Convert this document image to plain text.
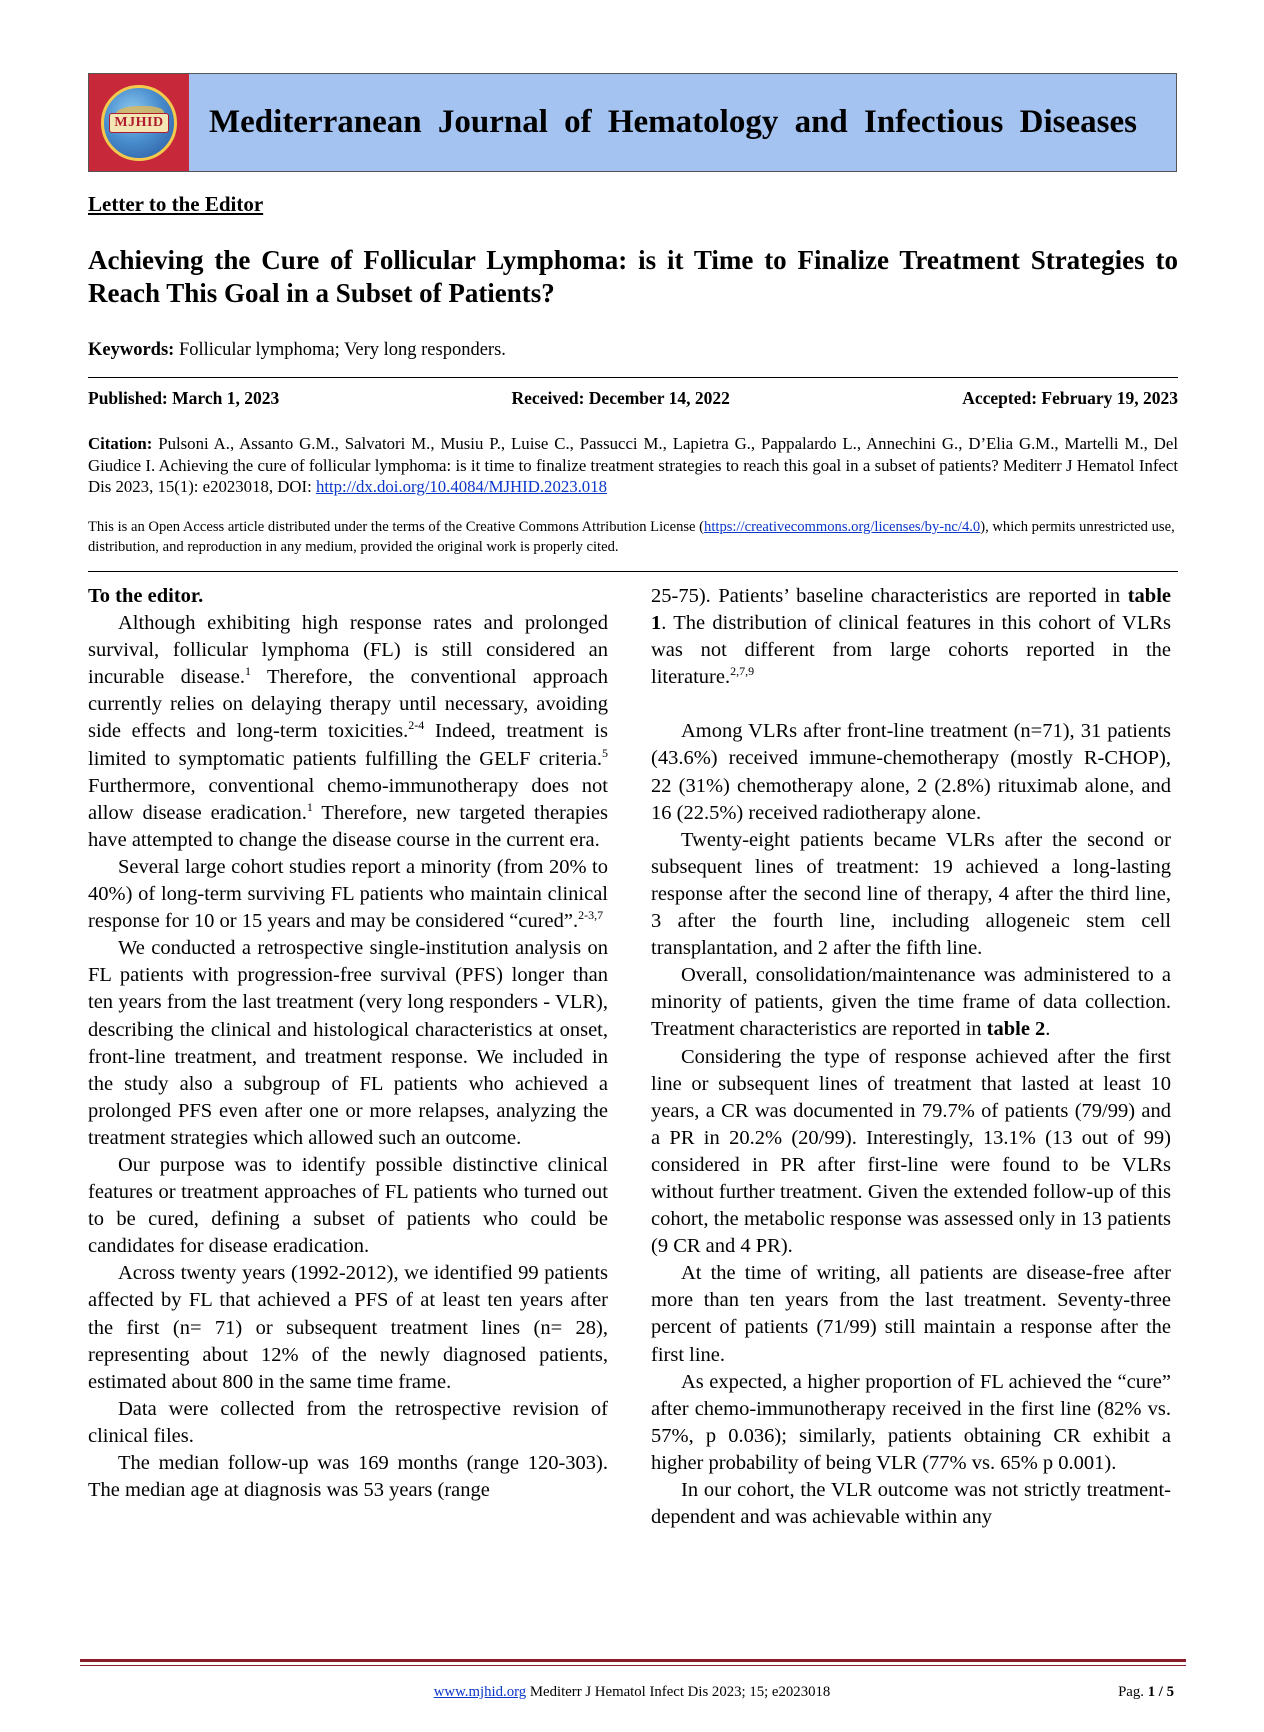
MJHID	Mediterranean Journal of Hematology and Infectious Diseases
Letter to the Editor
Achieving the Cure of Follicular Lymphoma: is it Time to Finalize Treatment Strategies to Reach This Goal in a Subset of Patients?
Keywords: Follicular lymphoma; Very long responders.
Published: March 1, 2023	Received: December 14, 2022	Accepted: February 19, 2023
Citation: Pulsoni A., Assanto G.M., Salvatori M., Musiu P., Luise C., Passucci M., Lapietra G., Pappalardo L., Annechini G., D’Elia G.M., Martelli M., Del Giudice I. Achieving the cure of follicular lymphoma: is it time to finalize treatment strategies to reach this goal in a subset of patients? Mediterr J Hematol Infect Dis 2023, 15(1): e2023018, DOI: http://dx.doi.org/10.4084/MJHID.2023.018
This is an Open Access article distributed under the terms of the Creative Commons Attribution License (https://creativecommons.org/licenses/by-nc/4.0), which permits unrestricted use, distribution, and reproduction in any medium, provided the original work is properly cited.

To the editor.

Although exhibiting high response rates and prolonged survival, follicular lymphoma (FL) is still considered an incurable disease.$^1$ Therefore, the conventional approach currently relies on delaying therapy until necessary, avoiding side effects and long-term toxicities.$^{2-4}$ Indeed, treatment is limited to symptomatic patients fulfilling the GELF criteria.$^5$ Furthermore, conventional chemo-immunotherapy does not allow disease eradication.$^1$ Therefore, new targeted therapies have attempted to change the disease course in the current era.

Several large cohort studies report a minority (from 20% to 40%) of long-term surviving FL patients who maintain clinical response for 10 or 15 years and may be considered “cured”.$^{2-3,7}$

We conducted a retrospective single-institution analysis on FL patients with progression-free survival (PFS) longer than ten years from the last treatment (very long responders - VLR), describing the clinical and histological characteristics at onset, front-line treatment, and treatment response. We included in the study also a subgroup of FL patients who achieved a prolonged PFS even after one or more relapses, analyzing the treatment strategies which allowed such an outcome.

Our purpose was to identify possible distinctive clinical features or treatment approaches of FL patients who turned out to be cured, defining a subset of patients who could be candidates for disease eradication.

Across twenty years (1992-2012), we identified 99 patients affected by FL that achieved a PFS of at least ten years after the first (n= 71) or subsequent treatment lines (n= 28), representing about 12% of the newly diagnosed patients, estimated about 800 in the same time frame.

Data were collected from the retrospective revision of clinical files.

The median follow-up was 169 months (range 120-303). The median age at diagnosis was 53 years (range

25-75). Patients’ baseline characteristics are reported in table 1. The distribution of clinical features in this cohort of VLRs was not different from large cohorts reported in the literature.$^{2,7,9}$

Among VLRs after front-line treatment (n=71), 31 patients (43.6%) received immune-chemotherapy (mostly R-CHOP), 22 (31%) chemotherapy alone, 2 (2.8%) rituximab alone, and 16 (22.5%) received radiotherapy alone.

Twenty-eight patients became VLRs after the second or subsequent lines of treatment: 19 achieved a long-lasting response after the second line of therapy, 4 after the third line, 3 after the fourth line, including allogeneic stem cell transplantation, and 2 after the fifth line.

Overall, consolidation/maintenance was administered to a minority of patients, given the time frame of data collection. Treatment characteristics are reported in table 2.

Considering the type of response achieved after the first line or subsequent lines of treatment that lasted at least 10 years, a CR was documented in 79.7% of patients (79/99) and a PR in 20.2% (20/99). Interestingly, 13.1% (13 out of 99) considered in PR after first-line were found to be VLRs without further treatment. Given the extended follow-up of this cohort, the metabolic response was assessed only in 13 patients (9 CR and 4 PR).

At the time of writing, all patients are disease-free after more than ten years from the last treatment. Seventy-three percent of patients (71/99) still maintain a response after the first line.

As expected, a higher proportion of FL achieved the “cure” after chemo-immunotherapy received in the first line (82% vs. 57%, p 0.036); similarly, patients obtaining CR exhibit a higher probability of being VLR (77% vs. 65% p 0.001).

In our cohort, the VLR outcome was not strictly treatment-dependent and was achievable within any

www.mjhid.org Mediterr J Hematol Infect Dis 2023; 15; e2023018	Pag. 1 / 5
